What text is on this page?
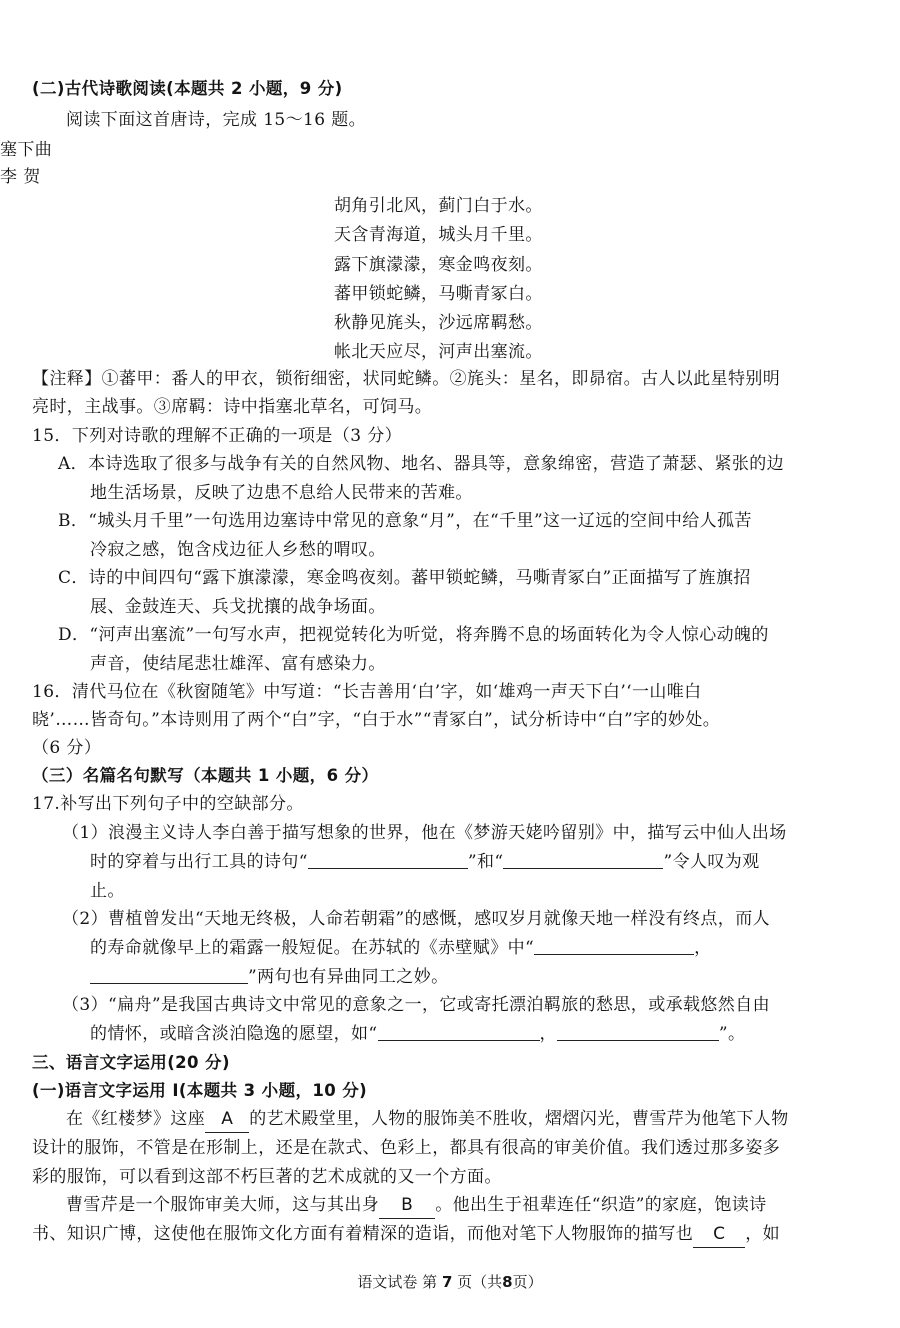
(二)古代诗歌阅读(本题共 2 小题，9 分)
阅读下面这首唐诗，完成 15～16 题。
塞下曲
李 贺
胡角引北风，蓟门白于水。
天含青海道，城头月千里。
露下旗濛濛，寒金鸣夜刻。
蕃甲锁蛇鳞，马嘶青冢白。
秋静见旄头，沙远席羁愁。
帐北天应尽，河声出塞流。
【注释】①蕃甲：番人的甲衣，锁衔细密，状同蛇鳞。②旄头：星名，即昴宿。古人以此星特别明
亮时，主战事。③席羁：诗中指塞北草名，可饲马。
15．下列对诗歌的理解不正确的一项是（3 分）
A．本诗选取了很多与战争有关的自然风物、地名、器具等，意象绵密，营造了萧瑟、紧张的边
地生活场景，反映了边患不息给人民带来的苦难。
B．“城头月千里”一句选用边塞诗中常见的意象“月”，在“千里”这一辽远的空间中给人孤苦
冷寂之感，饱含戍边征人乡愁的喟叹。
C．诗的中间四句“露下旗濛濛，寒金鸣夜刻。蕃甲锁蛇鳞，马嘶青冢白”正面描写了旌旗招
展、金鼓连天、兵戈扰攘的战争场面。
D．“河声出塞流”一句写水声，把视觉转化为听觉，将奔腾不息的场面转化为令人惊心动魄的
声音，使结尾悲壮雄浑、富有感染力。
16．清代马位在《秋窗随笔》中写道：“长吉善用‘白’字，如‘雄鸡一声天下白’‘一山唯白
晓’……皆奇句。”本诗则用了两个“白”字，“白于水”“青冢白”，试分析诗中“白”字的妙处。
（6 分）
（三）名篇名句默写（本题共 1 小题，6 分）
17.补写出下列句子中的空缺部分。
（1）浪漫主义诗人李白善于描写想象的世界，他在《梦游天姥吟留别》中，描写云中仙人出场
时的穿着与出行工具的诗句“	”和“	”令人叹为观
止。
（2）曹植曾发出“天地无终极，人命若朝霜”的感慨，感叹岁月就像天地一样没有终点，而人
的寿命就像早上的霜露一般短促。在苏轼的《赤壁赋》中“	，
”两句也有异曲同工之妙。
（3）“扁舟”是我国古典诗文中常见的意象之一，它或寄托漂泊羁旅的愁思，或承载悠然自由
的情怀，或暗含淡泊隐逸的愿望，如“	，	”。
三、语言文字运用(20 分)
(一)语言文字运用 I(本题共 3 小题，10 分)
在《红楼梦》这座 A 的艺术殿堂里，人物的服饰美不胜收，熠熠闪光，曹雪芹为他笔下人物
设计的服饰，不管是在形制上，还是在款式、色彩上，都具有很高的审美价值。我们透过那多姿多
彩的服饰，可以看到这部不朽巨著的艺术成就的又一个方面。
曹雪芹是一个服饰审美大师，这与其出身 B 。他出生于祖辈连任“织造”的家庭，饱读诗
书、知识广博，这使他在服饰文化方面有着精深的造诣，而他对笔下人物服饰的描写也 C ，如
语文试卷 第 7 页（共8页）
